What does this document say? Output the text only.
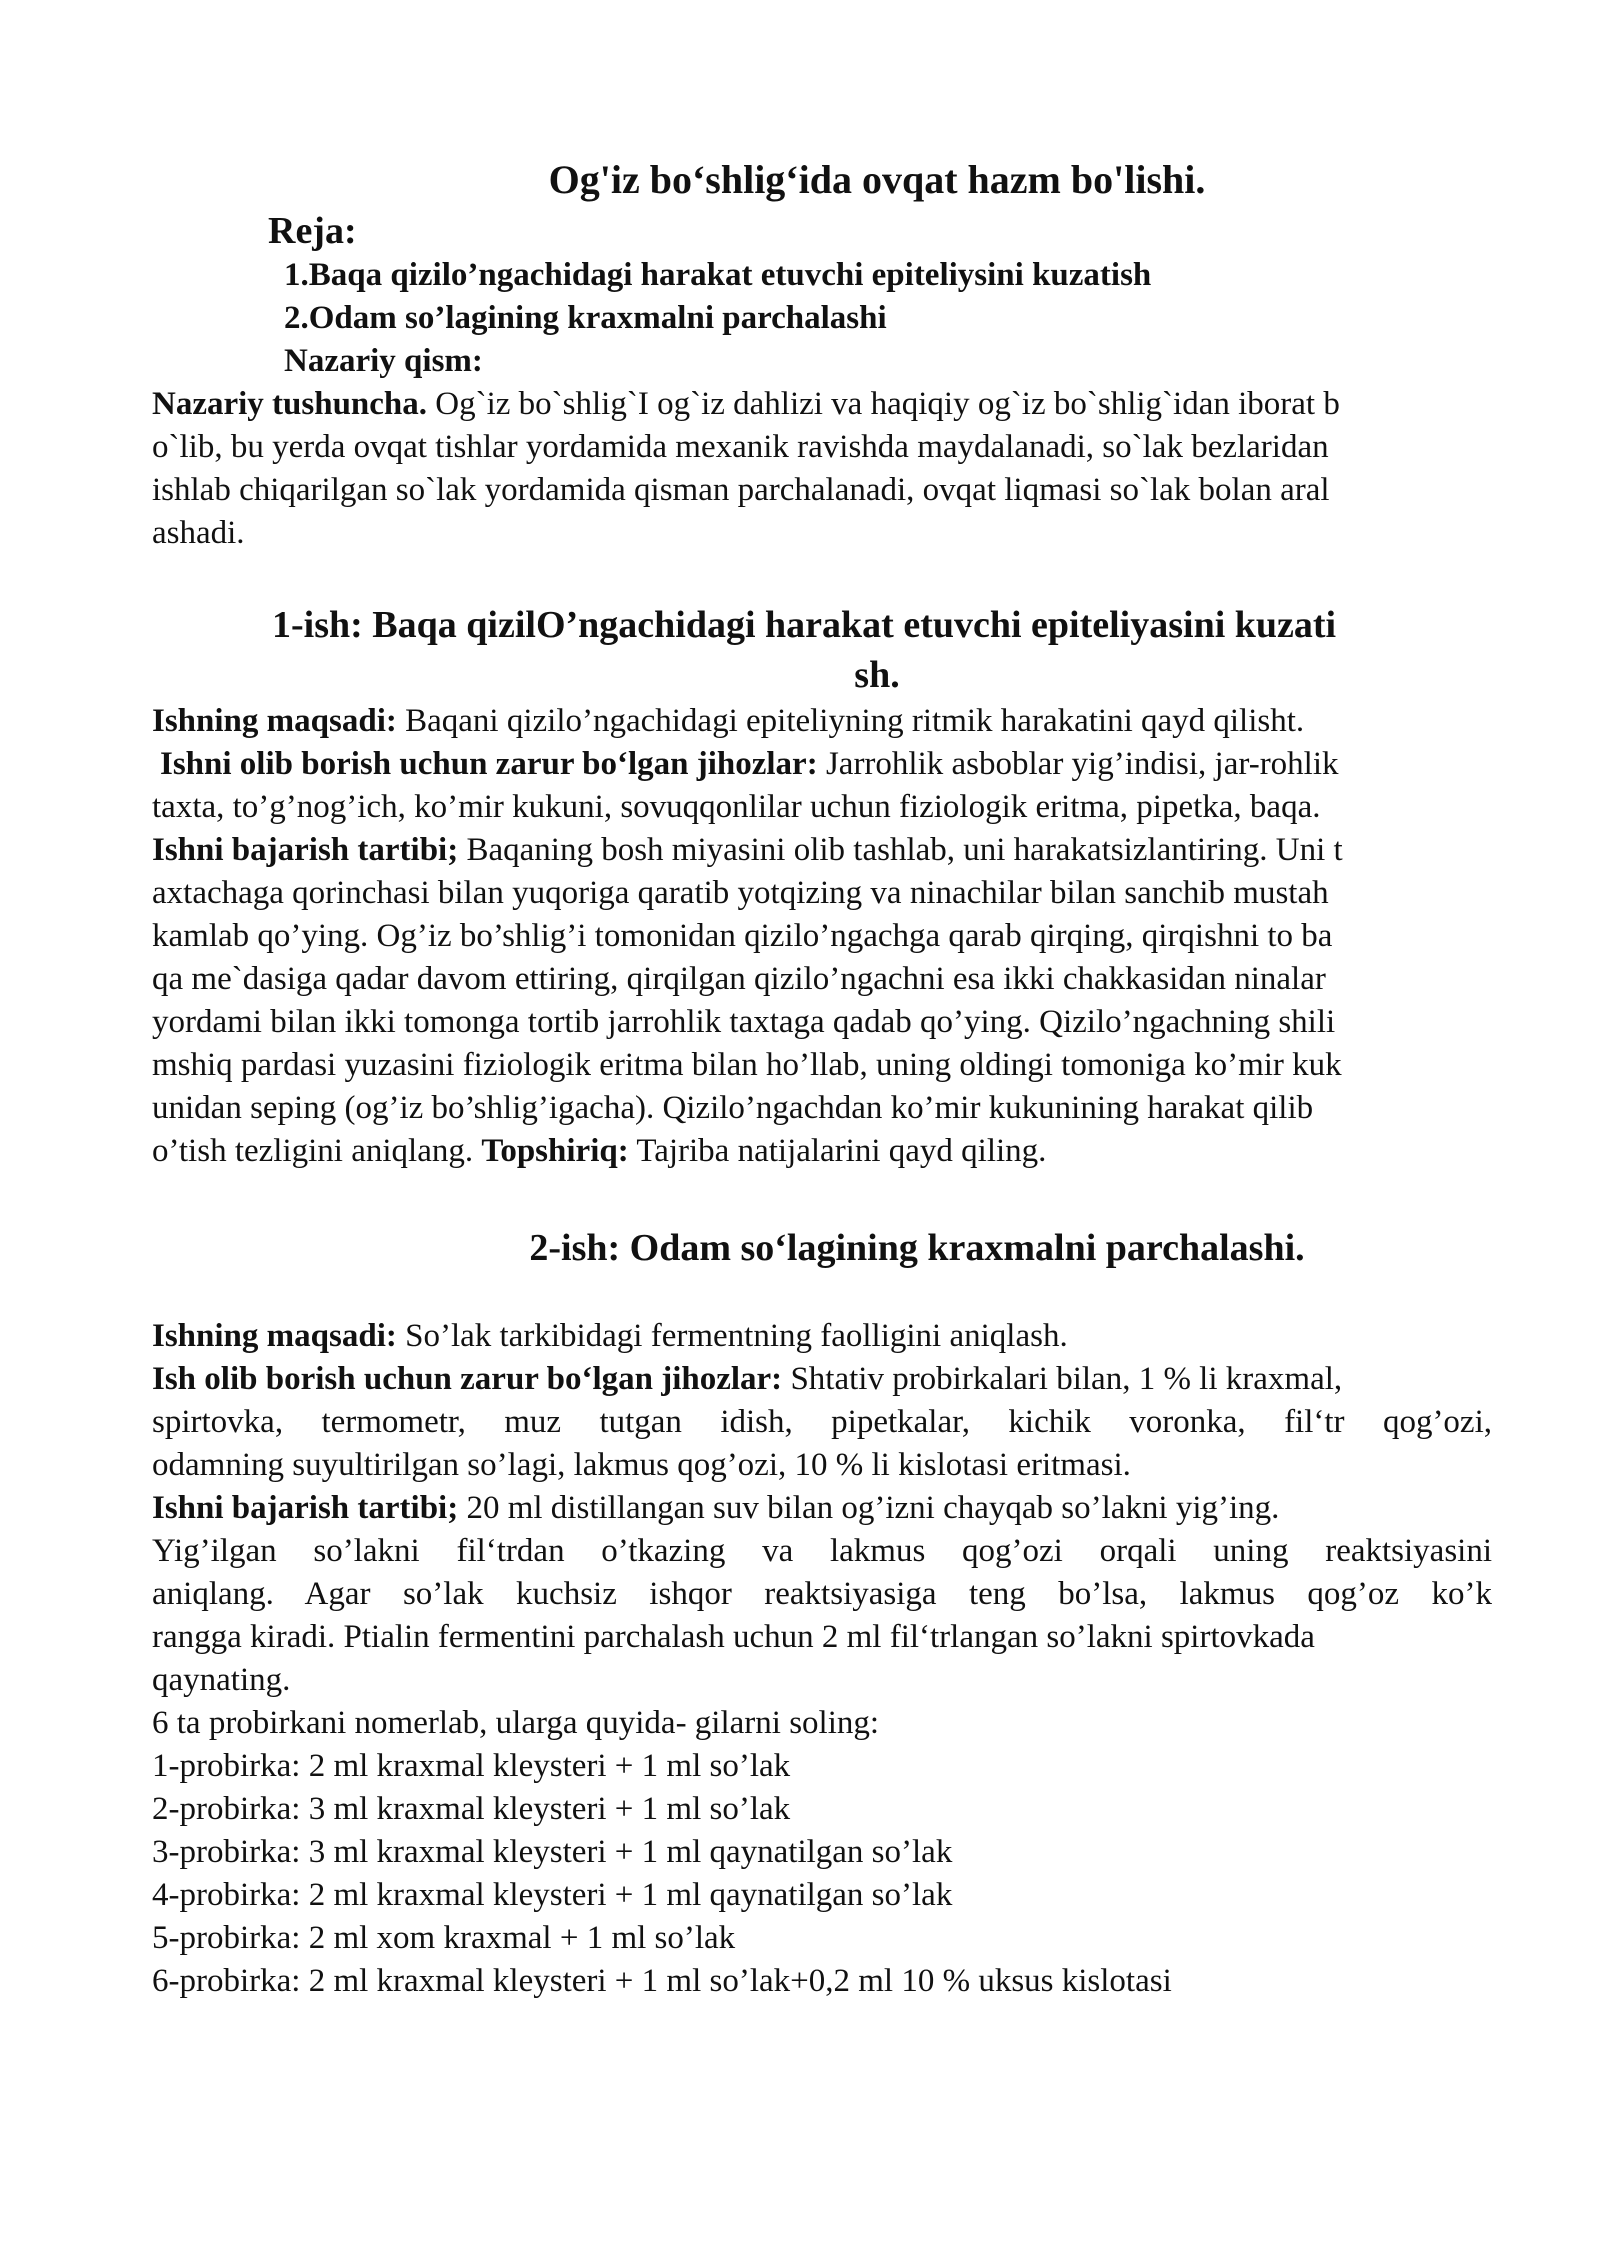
Og'iz bo‘shlig‘ida ovqat hazm bo'lishi.
Reja:
1.Baqa qizilo’ngachidagi harakat etuvchi epiteliysini kuzatish
2.Odam so’lagining kraxmalni parchalashi
Nazariy qism:
Nazariy tushuncha. Og`iz bo`shlig`I og`iz dahlizi va haqiqiy og`iz bo`shlig`idan iborat b
o`lib, bu yerda ovqat tishlar yordamida mexanik ravishda maydalanadi, so`lak bezlaridan
ishlab chiqarilgan so`lak yordamida qisman parchalanadi, ovqat liqmasi so`lak bolan aral
ashadi.
1-ish: Baqa qizilO’ngachidagi harakat etuvchi epiteliyasini kuzati
sh.
Ishning maqsadi: Baqani qizilo’ngachidagi epiteliyning ritmik harakatini qayd qilisht.
Ishni olib borish uchun zarur bo‘lgan jihozlar: Jarrohlik asboblar yig’indisi, jar-rohlik
taxta, to’g’nog’ich, ko’mir kukuni, sovuqqonlilar uchun fiziologik eritma, pipetka, baqa.
Ishni bajarish tartibi; Baqaning bosh miyasini olib tashlab, uni harakatsizlantiring. Uni t
axtachaga qorinchasi bilan yuqoriga qaratib yotqizing va ninachilar bilan sanchib mustah
kamlab qo’ying. Og’iz bo’shlig’i tomonidan qizilo’ngachga qarab qirqing, qirqishni to ba
qa me`dasiga qadar davom ettiring, qirqilgan qizilo’ngachni esa ikki chakkasidan ninalar
yordami bilan ikki tomonga tortib jarrohlik taxtaga qadab qo’ying. Qizilo’ngachning shili
mshiq pardasi yuzasini fiziologik eritma bilan ho’llab, uning oldingi tomoniga ko’mir kuk
unidan seping (og’iz bo’shlig’igacha). Qizilo’ngachdan ko’mir kukunining harakat qilib
o’tish tezligini aniqlang. Topshiriq: Tajriba natijalarini qayd qiling.
2-ish: Odam so‘lagining kraxmalni parchalashi.
Ishning maqsadi: So’lak tarkibidagi fermentning faolligini aniqlash.
Ish olib borish uchun zarur bo‘lgan jihozlar: Shtativ probirkalari bilan, 1 % li kraxmal,
spirtovka, termometr, muz tutgan idish, pipetkalar, kichik voronka, fil‘tr qog’ozi,
odamning suyultirilgan so’lagi, lakmus qog’ozi, 10 % li kislotasi eritmasi.
Ishni bajarish tartibi; 20 ml distillangan suv bilan og’izni chayqab so’lakni yig’ing.
Yig’ilgan so’lakni fil‘trdan o’tkazing va lakmus qog’ozi orqali uning reaktsiyasini
aniqlang. Agar so’lak kuchsiz ishqor reaktsiyasiga teng bo’lsa, lakmus qog’oz ko’k
rangga kiradi. Ptialin fermentini parchalash uchun 2 ml fil‘trlangan so’lakni spirtovkada
qaynating.
6 ta probirkani nomerlab, ularga quyida- gilarni soling:
1-probirka: 2 ml kraxmal kleysteri + 1 ml so’lak
2-probirka: 3 ml kraxmal kleysteri + 1 ml so’lak
3-probirka: 3 ml kraxmal kleysteri + 1 ml qaynatilgan so’lak
4-probirka: 2 ml kraxmal kleysteri + 1 ml qaynatilgan so’lak
5-probirka: 2 ml xom kraxmal + 1 ml so’lak
6-probirka: 2 ml kraxmal kleysteri + 1 ml so’lak+0,2 ml 10 % uksus kislotasi
